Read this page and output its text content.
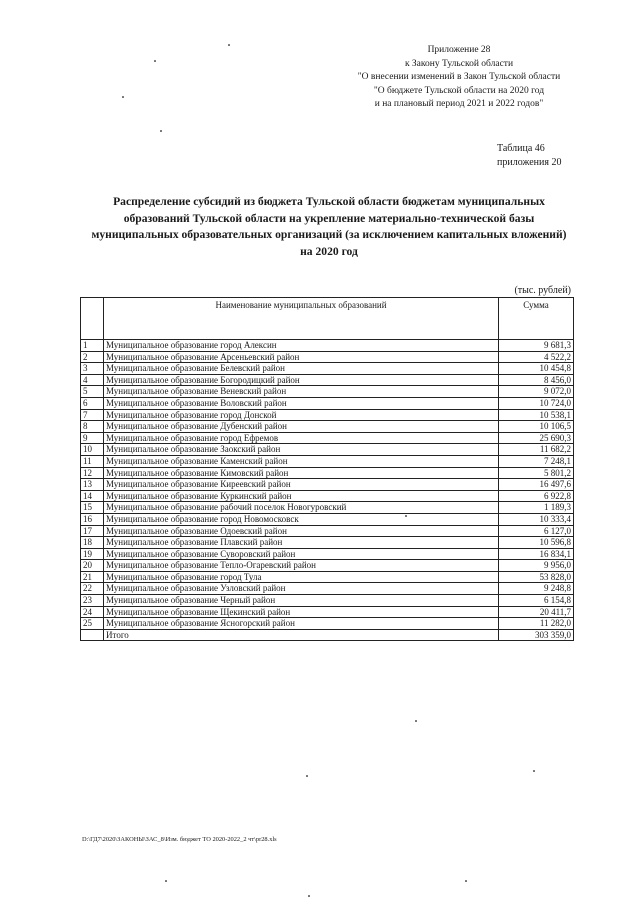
Приложение 28
к Закону Тульской области
"О внесении изменений в Закон Тульской области
"О бюджете Тульской области на 2020 год
и на плановый период 2021 и 2022 годов"
Таблица 46
приложения 20
Распределение субсидий из бюджета Тульской области бюджетам муниципальных образований Тульской области на укрепление материально-технической базы муниципальных образовательных организаций (за исключением капитальных вложений) на 2020 год
(тыс. рублей)
	Наименование муниципальных образований	Сумма
1	Муниципальное образование город Алексин	9 681,3
2	Муниципальное образование Арсеньевский район	4 522,2
3	Муниципальное образование Белевский район	10 454,8
4	Муниципальное образование Богородицкий район	8 456,0
5	Муниципальное образование Веневский район	9 072,0
6	Муниципальное образование Воловский район	10 724,0
7	Муниципальное образование город Донской	10 538,1
8	Муниципальное образование Дубенский район	10 106,5
9	Муниципальное образование город Ефремов	25 690,3
10	Муниципальное образование Заокский район	11 682,2
11	Муниципальное образование Каменский район	7 248,1
12	Муниципальное образование Кимовский район	5 801,2
13	Муниципальное образование Киреевский район	16 497,6
14	Муниципальное образование Куркинский район	6 922,8
15	Муниципальное образование рабочий поселок Новогуровский	1 189,3
16	Муниципальное образование город Новомосковск	10 333,4
17	Муниципальное образование Одоевский район	6 127,0
18	Муниципальное образование Плавский район	10 596,8
19	Муниципальное образование Суворовский район	16 834,1
20	Муниципальное образование Тепло-Огаревский район	9 956,0
21	Муниципальное образование город Тула	53 828,0
22	Муниципальное образование Узловский район	9 248,8
23	Муниципальное образование Черный район	6 154,8
24	Муниципальное образование Щекинский район	20 411,7
25	Муниципальное образование Ясногорский район	11 282,0
	Итого	303 359,0
D:\ГД7\2020\ЗАКОНЫ\ЗАС_8\Изм. бюджет ТО 2020-2022_2 чт\pr28.xls
